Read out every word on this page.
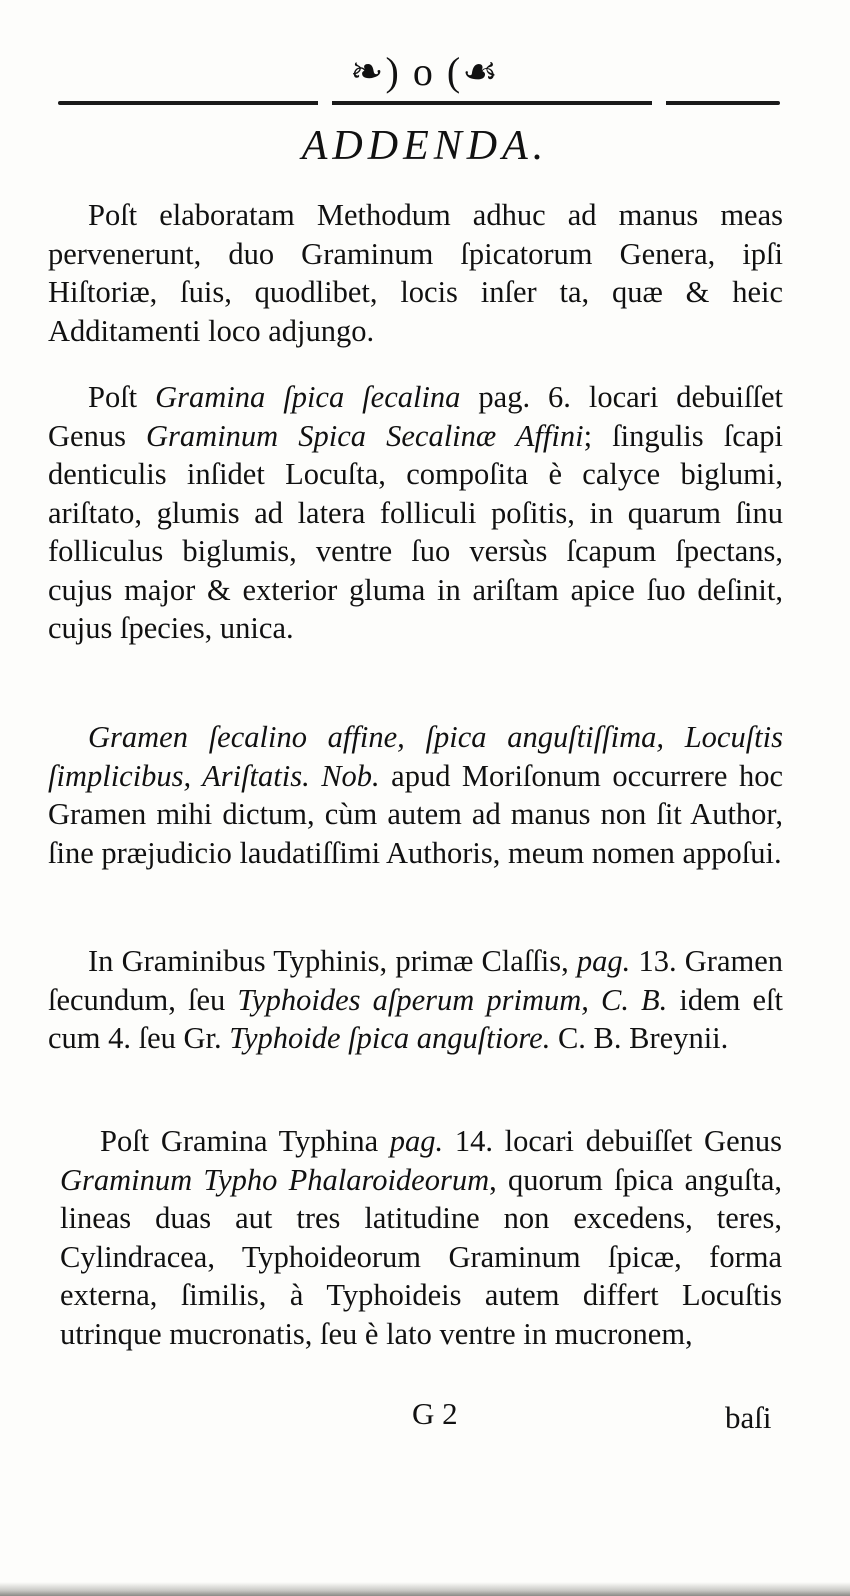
❧) o (☙
ADDENDA.

Poſt elaboratam Methodum adhuc ad manus meas pervenerunt, duo Graminum ſpicatorum Genera, ipſi Hiſtoriæ, ſuis, quodlibet, locis inſer ta, quæ & heic Additamenti loco adjungo.

Poſt Gramina ſpica ſecalina pag. 6. locari debuiſſet Genus Graminum Spica Secalinæ Affini; ſingulis ſcapi denticulis inſidet Locuſta, compoſita è calyce biglumi, ariſtato, glumis ad latera folliculi poſitis, in quarum ſinu folliculus biglumis, ventre ſuo versùs ſcapum ſpectans, cujus major & exterior gluma in ariſtam apice ſuo deſinit, cujus ſpecies, unica.

Gramen ſecalino affine, ſpica anguſtiſſima, Locuſtis ſimplicibus, Ariſtatis. Nob. apud Moriſonum occurrere hoc Gramen mihi dictum, cùm autem ad manus non ſit Author, ſine præjudicio laudatiſſimi Authoris, meum nomen appoſui.

In Graminibus Typhinis, primæ Claſſis, pag. 13. Gramen ſecundum, ſeu Typhoides aſperum primum, C. B. idem eſt cum 4. ſeu Gr. Typhoide ſpica anguſtiore. C. B. Breynii.

Poſt Gramina Typhina pag. 14. locari debuiſſet Genus Graminum Typho Phalaroideorum, quorum ſpica anguſta, lineas duas aut tres latitudine non excedens, teres, Cylindracea, Typhoideorum Graminum ſpicæ, forma externa, ſimilis, à Typhoideis autem differt Locuſtis utrinque mucronatis, ſeu è lato ventre in mucronem,

G 2	baſi
